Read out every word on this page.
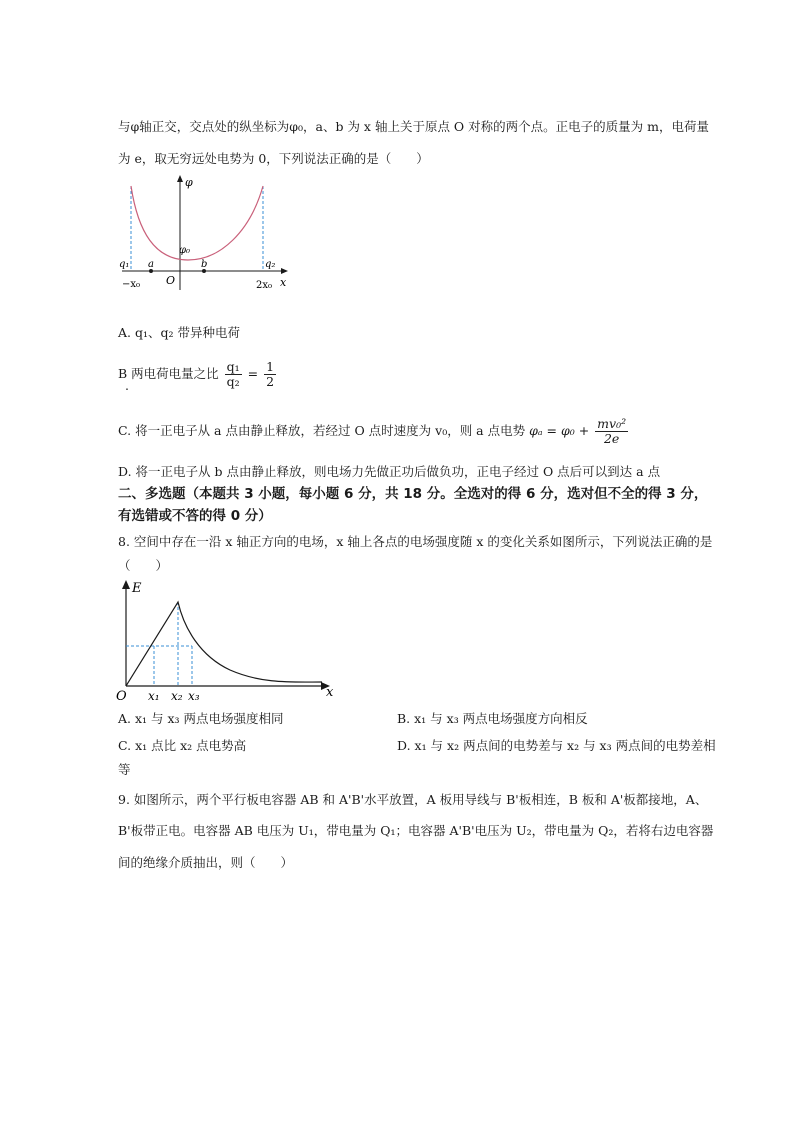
与φ轴正交，交点处的纵坐标为φ₀，a、b 为 x 轴上关于原点 O 对称的两个点。正电子的质量为 m，电荷量
为 e，取无穷远处电势为 0，下列说法正确的是（　　）
φ
x
q₁ a
φ₀
b	q₂
−x₀ O	2x₀
A. q₁、q₂ 带异种电荷
B 两电荷电量之比 $\frac{\text{q₁}}{\text{q₂}} = \frac{1}{2}$
.
C. 将一正电子从 a 点由静止释放，若经过 O 点时速度为 v₀，则 a 点电势 $\varphi_a = \varphi_0 + \frac{\text{mv₀²}}{2e}$
D. 将一正电子从 b 点由静止释放，则电场力先做正功后做负功，正电子经过 O 点后可以到达 a 点
二、多选题（本题共 3 小题，每小题 6 分，共 18 分。全选对的得 6 分，选对但不全的得 3 分，
有选错或不答的得 0 分）
8. 空间中存在一沿 x 轴正方向的电场，x 轴上各点的电场强度随 x 的变化关系如图所示，下列说法正确的是
（　　）
E
x
O x₁ x₂ x₃
A. x₁ 与 x₃ 两点电场强度相同	B. x₁ 与 x₃ 两点电场强度方向相反
C. x₁ 点比 x₂ 点电势高	D. x₁ 与 x₂ 两点间的电势差与 x₂ 与 x₃ 两点间的电势差相
等
9. 如图所示，两个平行板电容器 AB 和 A'B'水平放置，A 板用导线与 B'板相连，B 板和 A'板都接地，A、
B'板带正电。电容器 AB 电压为 U₁，带电量为 Q₁；电容器 A'B'电压为 U₂，带电量为 Q₂，若将右边电容器
间的绝缘介质抽出，则（　　）
